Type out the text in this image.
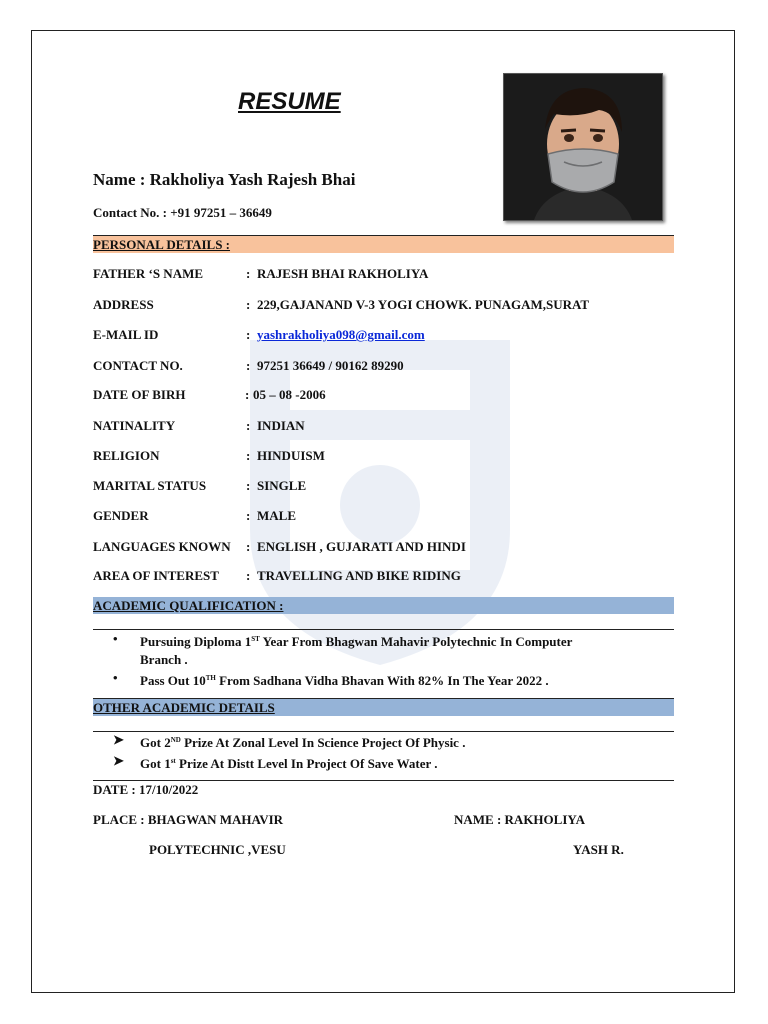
RESUME
Name : Rakholiya Yash Rajesh Bhai
Contact No. : +91 97251 – 36649
PERSONAL DETAILS :
FATHER ‘S NAME	: RAJESH BHAI RAKHOLIYA
ADDRESS	: 229,GAJANAND V-3 YOGI CHOWK. PUNAGAM,SURAT
E-MAIL ID	: yashrakholiya098@gmail.com
CONTACT NO.	: 97251 36649 / 90162 89290
DATE OF BIRH	: 05 – 08 -2006
NATINALITY	: INDIAN
RELIGION	: HINDUISM
MARITAL STATUS	: SINGLE
GENDER	: MALE
LANGUAGES KNOWN : ENGLISH , GUJARATI AND HINDI
AREA OF INTEREST : TRAVELLING AND BIKE RIDING
ACADEMIC QUALIFICATION :
• Pursuing Diploma 1ST Year From Bhagwan Mahavir Polytechnic In Computer
Branch .
• Pass Out 10TH From Sadhana Vidha Bhavan With 82% In The Year 2022 .
OTHER ACADEMIC DETAILS
➤ Got 2ND Prize At Zonal Level In Science Project Of Physic .
➤ Got 1st Prize At Distt Level In Project Of Save Water .
DATE : 17/10/2022
PLACE : BHAGWAN MAHAVIR
POLYTECHNIC ,VESU
NAME : RAKHOLIYA
YASH R.
